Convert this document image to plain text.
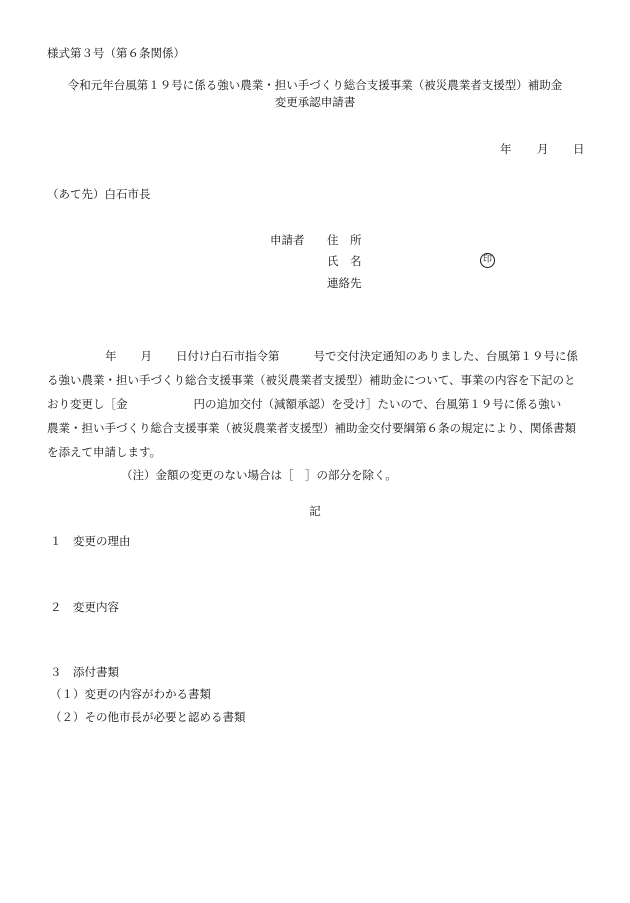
様式第３号（第６条関係）
令和元年台風第１９号に係る強い農業・担い手づくり総合支援事業（被災農業者支援型）補助金
変更承認申請書
年 月 日
（あて先）白石市長
申請者 住　所
氏　名	印
連絡先
年 月 日付け白石市指令第	号で交付決定通知のありました、台風第１９号に係
る強い農業・担い手づくり総合支援事業（被災農業者支援型）補助金について、事業の内容を下記のと
おり変更し［金	円の追加交付（減額承認）を受け］たいので、台風第１９号に係る強い
農業・担い手づくり総合支援事業（被災農業者支援型）補助金交付要綱第６条の規定により、関係書類
を添えて申請します。
（注）金額の変更のない場合は［　］の部分を除く。
記
１ 変更の理由
２ 変更内容
３ 添付書類
（１）変更の内容がわかる書類
（２）その他市長が必要と認める書類
